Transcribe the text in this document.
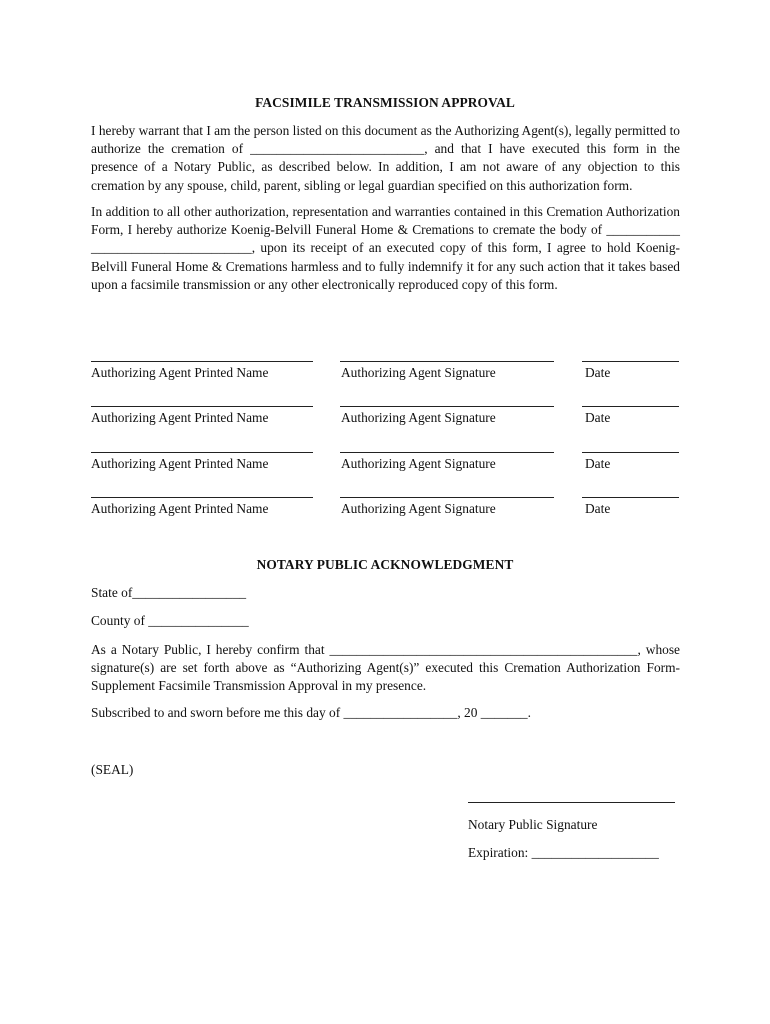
FACSIMILE TRANSMISSION APPROVAL
I hereby warrant that I am the person listed on this document as the Authorizing Agent(s), legally permitted to authorize the cremation of __________________________, and that I have executed this form in the presence of a Notary Public, as described below. In addition, I am not aware of any objection to this cremation by any spouse, child, parent, sibling or legal guardian specified on this authorization form.
In addition to all other authorization, representation and warranties contained in this Cremation Authorization Form, I hereby authorize Koenig-Belvill Funeral Home & Cremations to cremate the body of ___________ ________________________, upon its receipt of an executed copy of this form, I agree to hold Koenig-Belvill Funeral Home & Cremations harmless and to fully indemnify it for any such action that it takes based upon a facsimile transmission or any other electronically reproduced copy of this form.
Authorizing Agent Printed Name	Authorizing Agent Signature	Date
Authorizing Agent Printed Name	Authorizing Agent Signature	Date
Authorizing Agent Printed Name	Authorizing Agent Signature	Date
Authorizing Agent Printed Name	Authorizing Agent Signature	Date
NOTARY PUBLIC ACKNOWLEDGMENT
State of_________________
County of _______________
As a Notary Public, I hereby confirm that ______________________________________________, whose signature(s) are set forth above as “Authorizing Agent(s)” executed this Cremation Authorization Form-Supplement Facsimile Transmission Approval in my presence.
Subscribed to and sworn before me this day of _________________, 20 _______.
(SEAL)
Notary Public Signature
Expiration: ___________________
